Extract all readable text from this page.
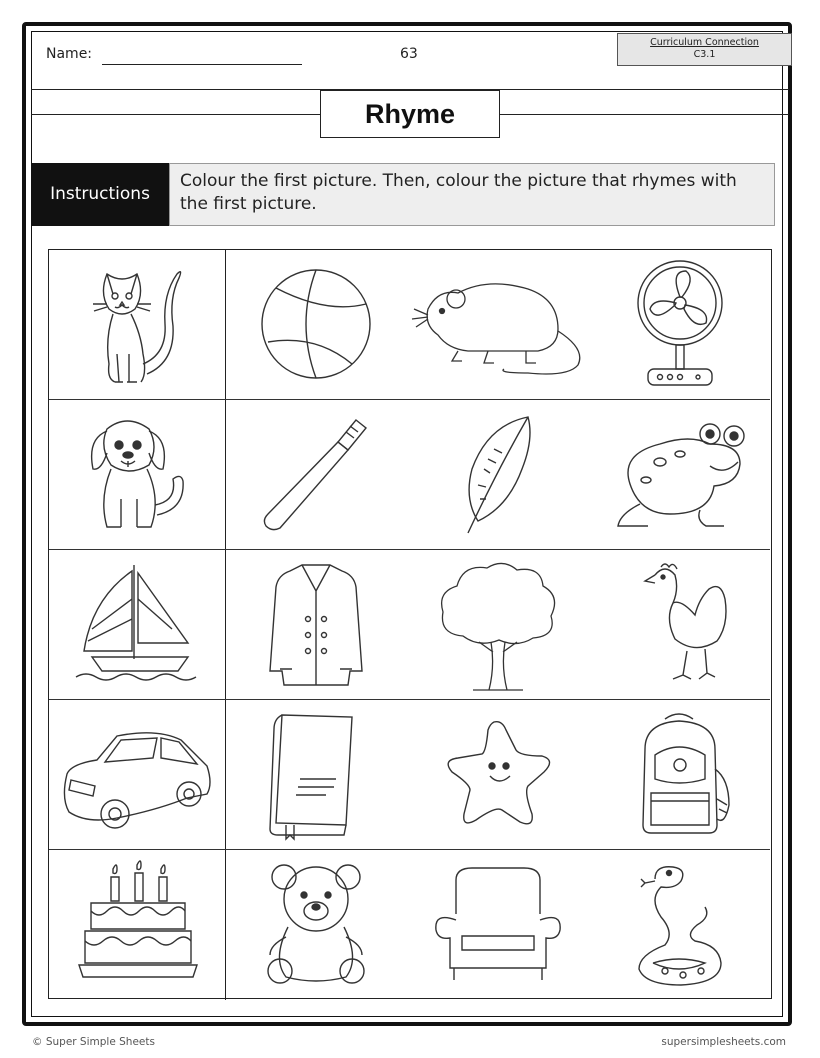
Name:	63
Curriculum Connection
C3.1
Rhyme
Instructions
Colour the first picture. Then, colour the picture that rhymes with the first picture.
© Super Simple Sheets	supersimplesheets.com
